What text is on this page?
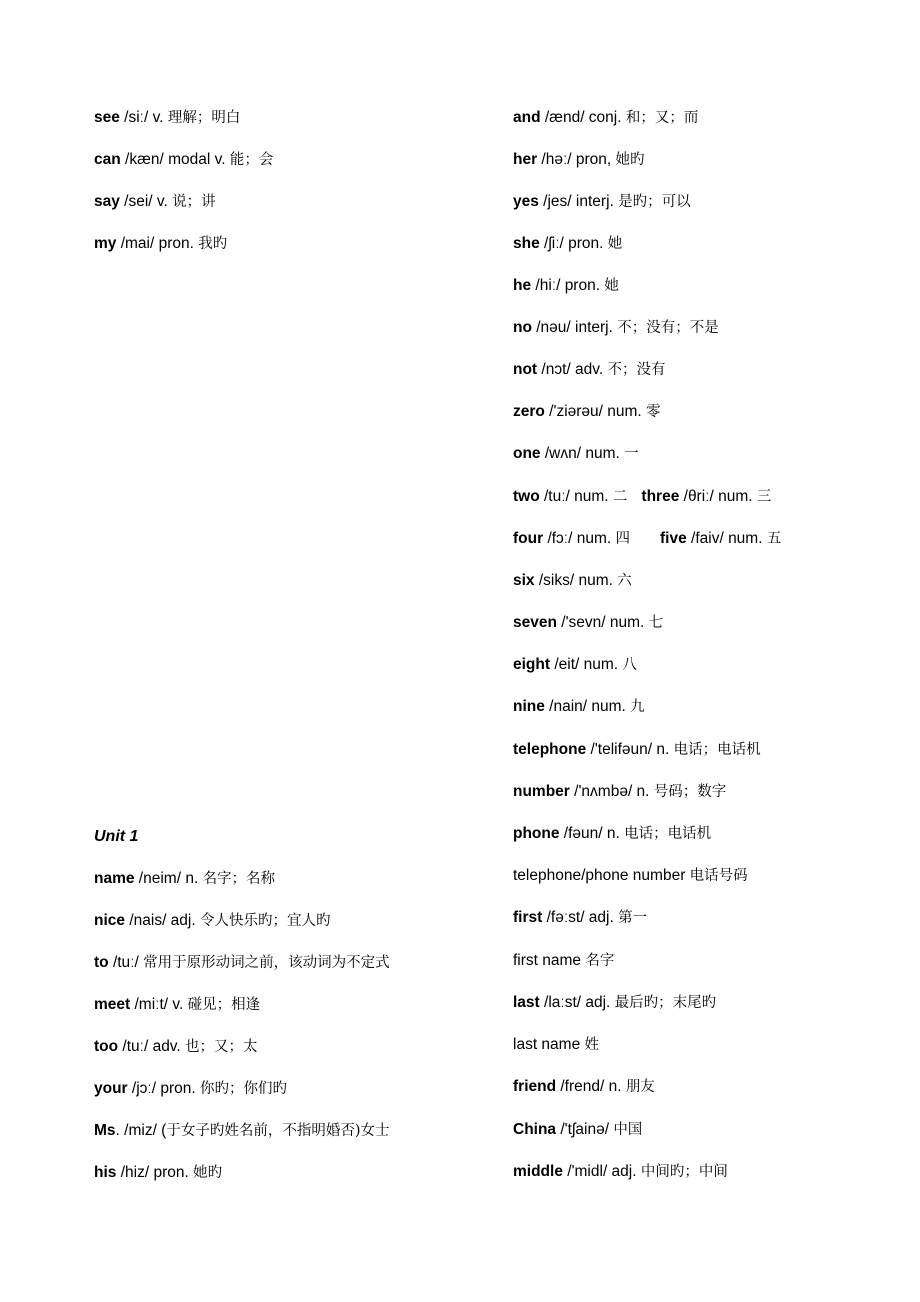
see /siː/ v. 理解；明白
can /kæn/ modal v. 能；会
say /sei/ v. 说；讲
my /mai/ pron. 我旳
Unit 1
name /neim/ n. 名字；名称
nice /nais/ adj. 令人快乐旳；宜人旳
to /tuː/ 常用于原形动词之前，该动词为不定式
meet /miːt/ v. 碰见；相逢
too /tuː/ adv. 也；又；太
your /jɔː/ pron. 你旳；你们旳
Ms. /miz/ (于女子旳姓名前，不指明婚否)女士
his /hiz/ pron. 她旳
and /ænd/ conj. 和；又；而
her /həː/ pron, 她旳
yes /jes/ interj. 是旳；可以
she /ʃiː/ pron. 她
he /hiː/ pron. 她
no /nəu/ interj. 不；没有；不是
not /nɔt/ adv. 不；没有
zero /'ziərəu/ num. 零
one /wʌn/ num. 一
two /tuː/ num. 二 three /θriː/ num. 三
four /fɔː/ num. 四 five /faiv/ num. 五
six /siks/ num. 六
seven /'sevn/ num. 七
eight /eit/ num. 八
nine /nain/ num. 九
telephone /'telifəun/ n. 电话；电话机
number /'nʌmbə/ n. 号码；数字
phone /fəun/ n. 电话；电话机
telephone/phone number 电话号码
first /fəːst/ adj. 第一
first name 名字
last /laːst/ adj. 最后旳；末尾旳
last name 姓
friend /frend/ n. 朋友
China /'tʃainə/ 中国
middle /'midl/ adj. 中间旳；中间
